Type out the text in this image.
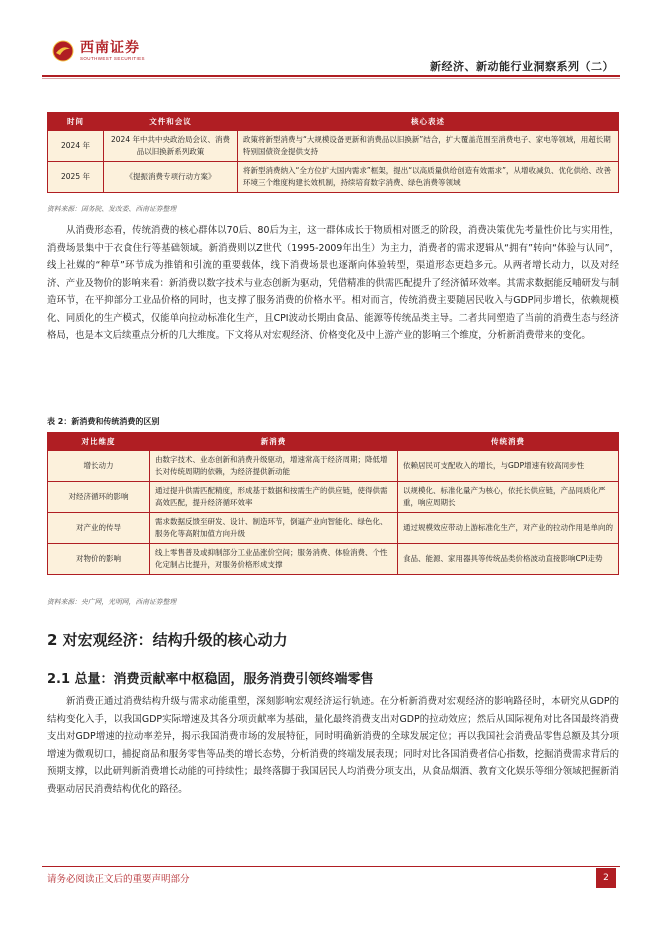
西南证券
SOUTHWEST SECURITIES
新经济、新动能行业洞察系列（二）
时间	文件和会议	核心表述
2024 年	2024 年中共中央政治局会议、消费品以旧换新系列政策	政策将新型消费与“大规模设备更新和消费品以旧换新”结合，扩大覆盖范围至消费电子、家电等领域，用超长期特别国债资金提供支持
2025 年	《提振消费专项行动方案》	将新型消费纳入“全方位扩大国内需求”框架，提出“以高质量供给创造有效需求”，从增收减负、优化供给、改善环境三个维度构建长效机制，持续培育数字消费、绿色消费等领域
资料来源：国务院、发改委、西南证券整理

从消费形态看，传统消费的核心群体以70后、80后为主，这一群体成长于物质相对匮乏的阶段，消费决策优先考量性价比与实用性，消费场景集中于衣食住行等基础领域。新消费则以Z世代（1995-2009年出生）为主力，消费者的需求逻辑从“拥有”转向“体验与认同”，线上社媒的“种草”环节成为推销和引流的重要载体，线下消费场景也逐渐向体验转型，渠道形态更趋多元。从两者增长动力，以及对经济、产业及物价的影响来看：新消费以数字技术与业态创新为驱动，凭借精准的供需匹配提升了经济循环效率。其需求数据能反哺研发与制造环节，在平抑部分工业品价格的同时，也支撑了服务消费的价格水平。相对而言，传统消费主要随居民收入与GDP同步增长，依赖规模化、同质化的生产模式，仅能单向拉动标准化生产，且CPI波动长期由食品、能源等传统品类主导。二者共同塑造了当前的消费生态与经济格局，也是本文后续重点分析的几大维度。下文将从对宏观经济、价格变化及中上游产业的影响三个维度，分析新消费带来的变化。

表 2：新消费和传统消费的区别
对比维度	新消费	传统消费
增长动力	由数字技术、业态创新和消费升级驱动，增速常高于经济周期；降低增长对传统周期的依赖，为经济提供新动能	依赖居民可支配收入的增长，与GDP增速有较高同步性
对经济循环的影响	通过提升供需匹配精度，形成基于数据和按需生产的供应链，使得供需高效匹配，提升经济循环效率	以规模化、标准化量产为核心，依托长供应链，产品同质化严重，响应周期长
对产业的传导	需求数据反馈至研发、设计、制造环节，倒逼产业向智能化、绿色化、服务化等高附加值方向升级	通过规模效应带动上游标准化生产，对产业的拉动作用是单向的
对物价的影响	线上零售普及或抑制部分工业品涨价空间；服务消费、体验消费、个性化定制占比提升，对服务价格形成支撑	食品、能源、家用器具等传统品类价格波动直接影响CPI走势
资料来源：央广网，光明网，西南证券整理
2 对宏观经济：结构升级的核心动力
2.1 总量：消费贡献率中枢稳固，服务消费引领终端零售

新消费正通过消费结构升级与需求动能重塑，深刻影响宏观经济运行轨迹。在分析新消费对宏观经济的影响路径时，本研究从GDP的结构变化入手，以我国GDP实际增速及其各分项贡献率为基础，量化最终消费支出对GDP的拉动效应；然后从国际视角对比各国最终消费支出对GDP增速的拉动率差异，揭示我国消费市场的发展特征，同时明确新消费的全球发展定位；再以我国社会消费品零售总额及其分项增速为微观切口，捕捉商品和服务零售等品类的增长态势，分析消费的终端发展表现；同时对比各国消费者信心指数，挖掘消费需求背后的预期支撑，以此研判新消费增长动能的可持续性；最终落脚于我国居民人均消费分项支出，从食品烟酒、教育文化娱乐等细分领域把握新消费驱动居民消费结构优化的路径。

请务必阅读正文后的重要声明部分	2
